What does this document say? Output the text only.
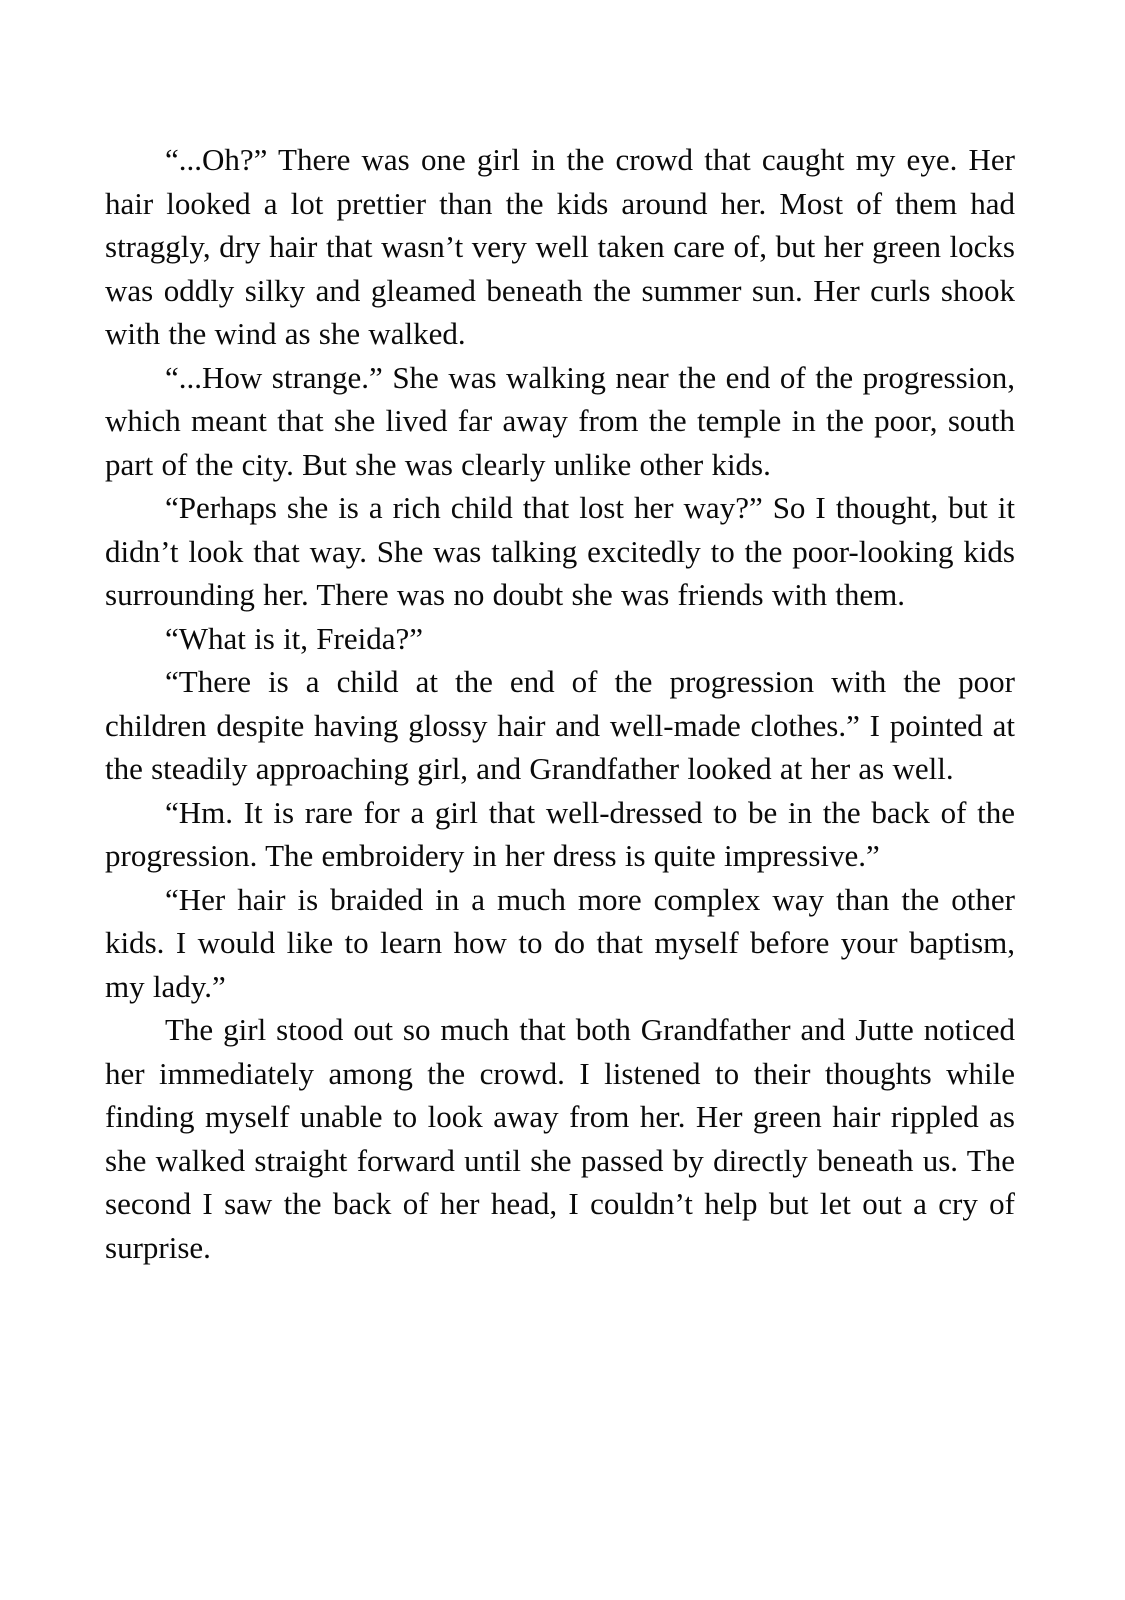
“...Oh?” There was one girl in the crowd that caught my eye. Her hair looked a lot prettier than the kids around her. Most of them had straggly, dry hair that wasn’t very well taken care of, but her green locks was oddly silky and gleamed beneath the summer sun. Her curls shook with the wind as she walked.

“...How strange.” She was walking near the end of the progression, which meant that she lived far away from the temple in the poor, south part of the city. But she was clearly unlike other kids.

“Perhaps she is a rich child that lost her way?” So I thought, but it didn’t look that way. She was talking excitedly to the poor-looking kids surrounding her. There was no doubt she was friends with them.

“What is it, Freida?”

“There is a child at the end of the progression with the poor children despite having glossy hair and well-made clothes.” I pointed at the steadily approaching girl, and Grandfather looked at her as well.

“Hm. It is rare for a girl that well-dressed to be in the back of the progression. The embroidery in her dress is quite impressive.”

“Her hair is braided in a much more complex way than the other kids. I would like to learn how to do that myself before your baptism, my lady.”

The girl stood out so much that both Grandfather and Jutte noticed her immediately among the crowd. I listened to their thoughts while finding myself unable to look away from her. Her green hair rippled as she walked straight forward until she passed by directly beneath us. The second I saw the back of her head, I couldn’t help but let out a cry of surprise.
